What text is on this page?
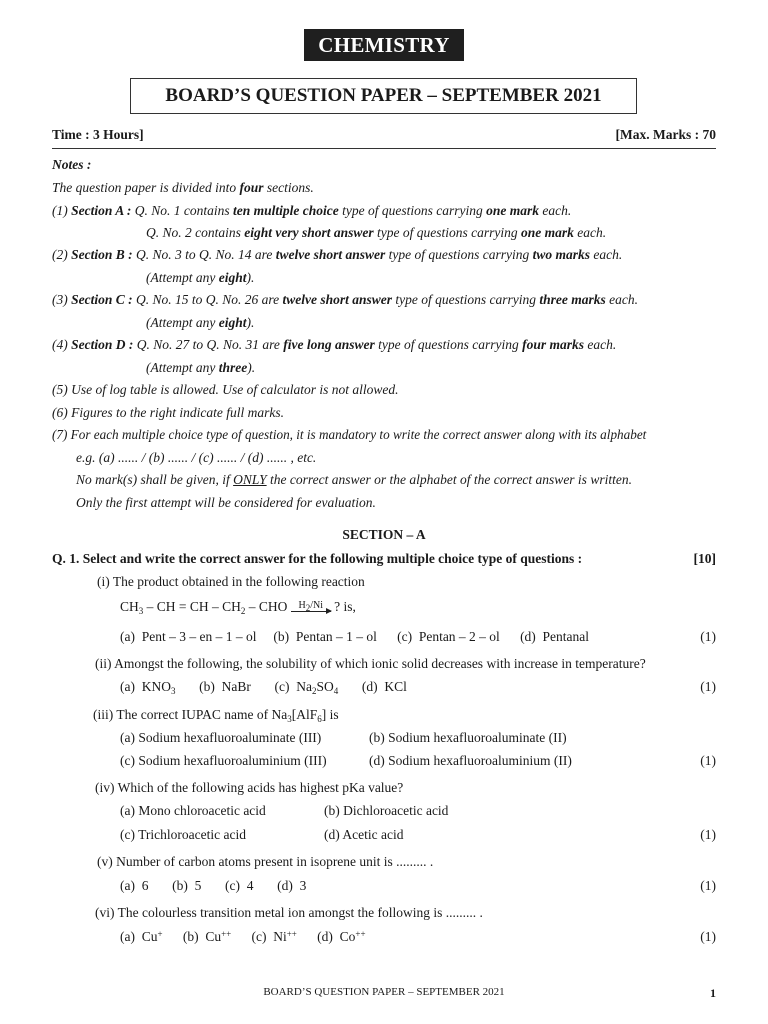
CHEMISTRY
BOARD’S QUESTION PAPER – SEPTEMBER 2021
Time : 3 Hours]	[Max. Marks : 70
Notes :
The question paper is divided into four sections.
(1) Section A : Q. No. 1 contains ten multiple choice type of questions carrying one mark each.
Q. No. 2 contains eight very short answer type of questions carrying one mark each.
(2) Section B : Q. No. 3 to Q. No. 14 are twelve short answer type of questions carrying two marks each.
(Attempt any eight).
(3) Section C : Q. No. 15 to Q. No. 26 are twelve short answer type of questions carrying three marks each.
(Attempt any eight).
(4) Section D : Q. No. 27 to Q. No. 31 are five long answer type of questions carrying four marks each.
(Attempt any three).
(5) Use of log table is allowed. Use of calculator is not allowed.
(6) Figures to the right indicate full marks.
(7) For each multiple choice type of question, it is mandatory to write the correct answer along with its alphabet
e.g. (a) ...... / (b) ...... / (c) ...... / (d) ...... , etc.
No mark(s) shall be given, if ONLY the correct answer or the alphabet of the correct answer is written.
Only the first attempt will be considered for evaluation.
SECTION – A
Q. 1. Select and write the correct answer for the following multiple choice type of questions :	[10]
(i) The product obtained in the following reaction
$CH_3$ – CH = CH – $CH_2$ – CHO $H_2/Ni$ ? is,
(a)  Pent – 3 – en – 1 – ol     (b)  Pentan – 1 – ol      (c)  Pentan – 2 – ol      (d)  Pentanal	(1)
(ii) Amongst the following, the solubility of which ionic solid decreases with increase in temperature?
(a)  $KNO_3$       (b)  NaBr       (c)  $Na_2SO_4$       (d)  KCl	(1)
(iii) The correct IUPAC name of $Na_3[AlF_6]$ is
(a) Sodium hexafluoroaluminate (III)	(b) Sodium hexafluoroaluminate (II)
(c) Sodium hexafluoroaluminium (III)	(d) Sodium hexafluoroaluminium (II)	(1)
(iv) Which of the following acids has highest pKa value?
(a) Mono chloroacetic acid	(b) Dichloroacetic acid
(c) Trichloroacetic acid	(d) Acetic acid	(1)
(v) Number of carbon atoms present in isoprene unit is ......... .
(a)  6       (b)  5       (c)  4       (d)  3	(1)
(vi) The colourless transition metal ion amongst the following is ......... .
(a)  Cu+      (b)  Cu++      (c)  Ni++      (d)  Co++	(1)
BOARD’S QUESTION PAPER – SEPTEMBER 2021	1
